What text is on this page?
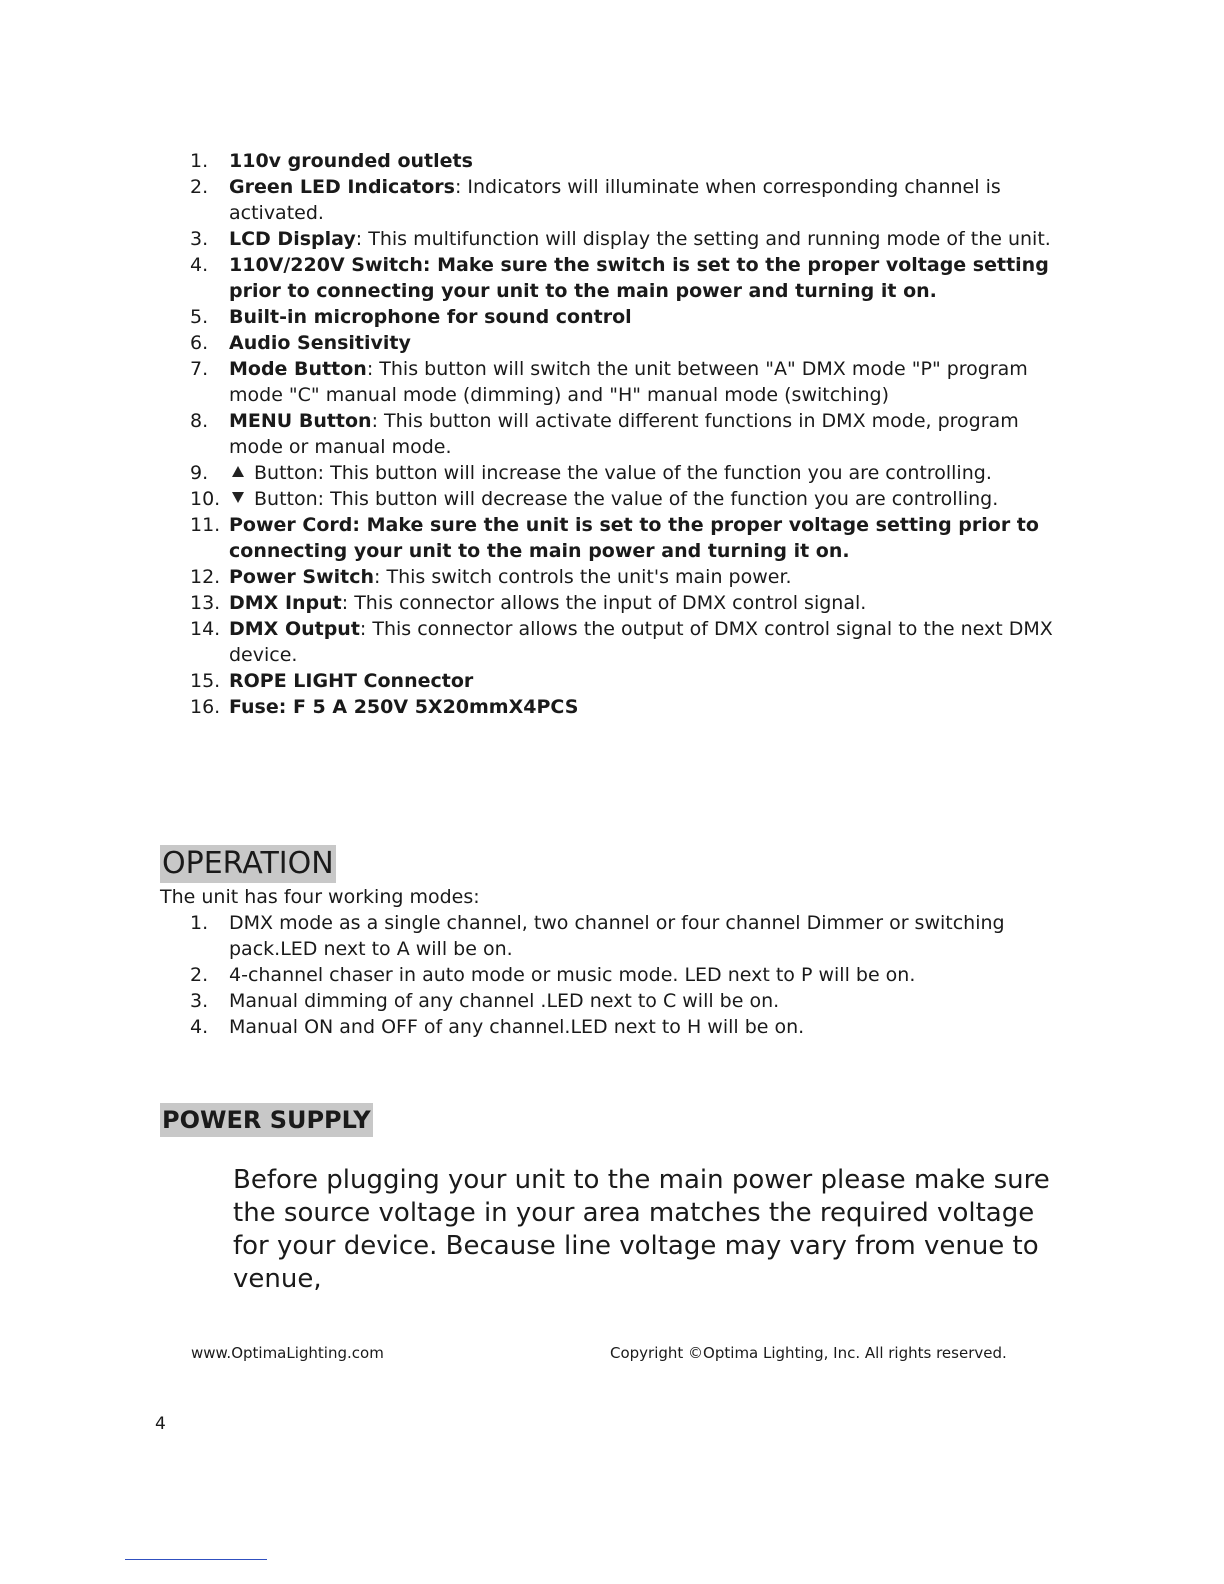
1.	110v grounded outlets
2.	Green LED Indicators: Indicators will illuminate when corresponding channel is activated.
3.	LCD Display: This multifunction will display the setting and running mode of the unit.
4.	110V/220V Switch: Make sure the switch is set to the proper voltage setting prior to connecting your unit to the main power and turning it on.
5.	Built-in microphone for sound control
6.	Audio Sensitivity
7.	Mode Button: This button will switch the unit between "A" DMX mode "P" program mode "C" manual mode (dimming) and "H" manual mode (switching)
8.	MENU Button: This button will activate different functions in DMX mode, program mode or manual mode.
9.	Button: This button will increase the value of the function you are controlling.
10.	Button: This button will decrease the value of the function you are controlling.
11. Power Cord: Make sure the unit is set to the proper voltage setting prior to connecting your unit to the main power and turning it on.
12. Power Switch: This switch controls the unit's main power.
13. DMX Input: This connector allows the input of DMX control signal.
14. DMX Output: This connector allows the output of DMX control signal to the next DMX device.
15. ROPE LIGHT Connector
16. Fuse: F 5 A 250V 5X20mmX4PCS
OPERATION

The unit has four working modes:

1.	DMX mode as a single channel, two channel or four channel Dimmer or switching pack.LED next to A will be on.
2.	4-channel chaser in auto mode or music mode. LED next to P will be on.
3.	Manual dimming of any channel .LED next to C will be on.
4.	Manual ON and OFF of any channel.LED next to H will be on.
POWER SUPPLY

Before plugging your unit to the main power please make sure the source voltage in your area matches the required voltage for your device. Because line voltage may vary from venue to venue,

www.OptimaLighting.com	Copyright ©Optima Lighting, Inc. All rights reserved.
4
